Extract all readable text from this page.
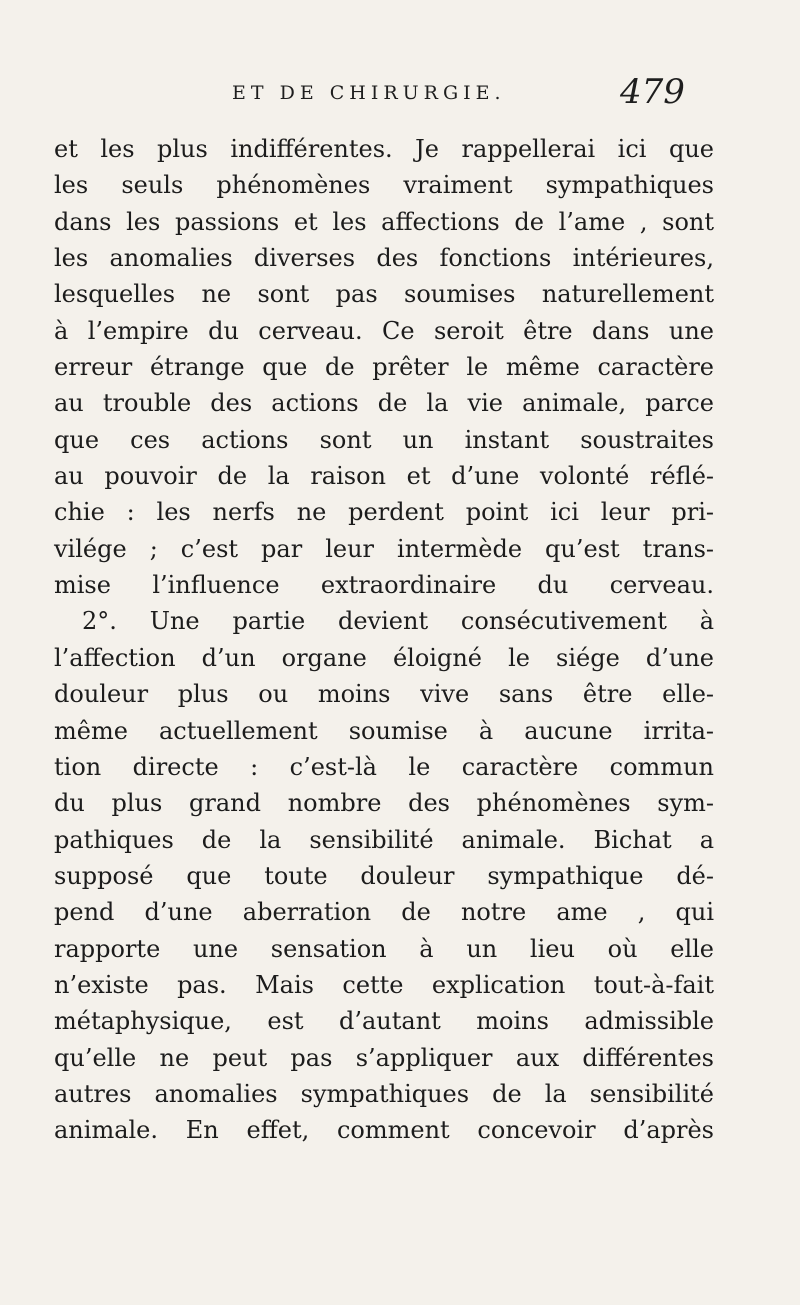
ET DE CHIRURGIE.	479
et les plus indifférentes. Je rappellerai ici que
les seuls phénomènes vraiment sympathiques
dans les passions et les affections de l’ame , sont
les anomalies diverses des fonctions intérieures,
lesquelles ne sont pas soumises naturellement
à l’empire du cerveau. Ce seroit être dans une
erreur étrange que de prêter le même caractère
au trouble des actions de la vie animale, parce
que ces actions sont un instant soustraites
au pouvoir de la raison et d’une volonté réflé-
chie : les nerfs ne perdent point ici leur pri-
vilége ; c’est par leur intermède qu’est trans-
mise l’influence extraordinaire du cerveau.
2°. Une partie devient consécutivement à
l’affection d’un organe éloigné le siége d’une
douleur plus ou moins vive sans être elle-
même actuellement soumise à aucune irrita-
tion directe : c’est-là le caractère commun
du plus grand nombre des phénomènes sym-
pathiques de la sensibilité animale. Bichat a
supposé que toute douleur sympathique dé-
pend d’une aberration de notre ame , qui
rapporte une sensation à un lieu où elle
n’existe pas. Mais cette explication tout-à-fait
métaphysique, est d’autant moins admissible
qu’elle ne peut pas s’appliquer aux différentes
autres anomalies sympathiques de la sensibilité
animale. En effet, comment concevoir d’après
